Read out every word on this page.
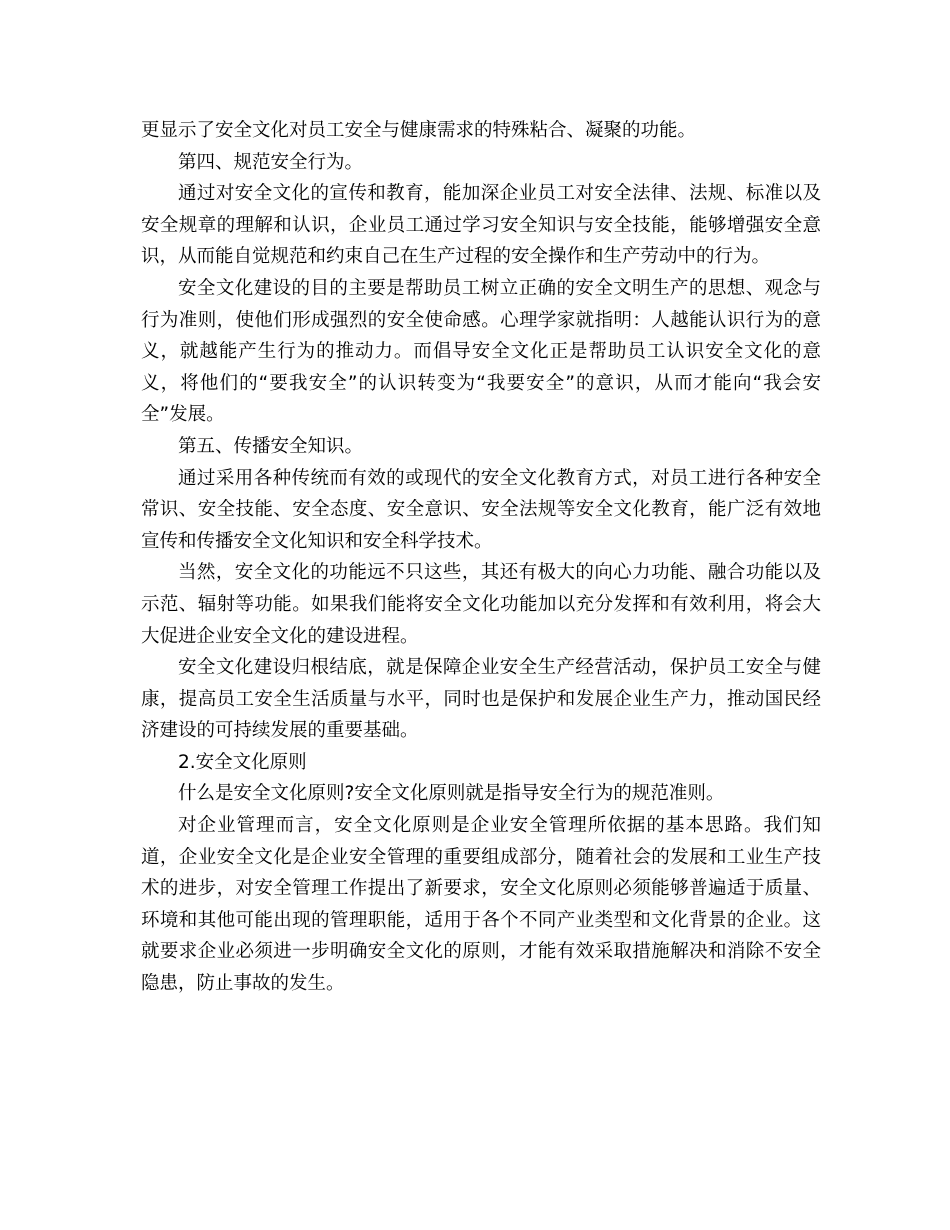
更显示了安全文化对员工安全与健康需求的特殊粘合、凝聚的功能。

第四、规范安全行为。

通过对安全文化的宣传和教育，能加深企业员工对安全法律、法规、标准以及安全规章的理解和认识，企业员工通过学习安全知识与安全技能，能够增强安全意识，从而能自觉规范和约束自己在生产过程的安全操作和生产劳动中的行为。

安全文化建设的目的主要是帮助员工树立正确的安全文明生产的思想、观念与行为准则，使他们形成强烈的安全使命感。心理学家就指明：人越能认识行为的意义，就越能产生行为的推动力。而倡导安全文化正是帮助员工认识安全文化的意义，将他们的“要我安全”的认识转变为“我要安全”的意识，从而才能向“我会安全”发展。

第五、传播安全知识。

通过采用各种传统而有效的或现代的安全文化教育方式，对员工进行各种安全常识、安全技能、安全态度、安全意识、安全法规等安全文化教育，能广泛有效地宣传和传播安全文化知识和安全科学技术。

当然，安全文化的功能远不只这些，其还有极大的向心力功能、融合功能以及示范、辐射等功能。如果我们能将安全文化功能加以充分发挥和有效利用，将会大大促进企业安全文化的建设进程。

安全文化建设归根结底，就是保障企业安全生产经营活动，保护员工安全与健康，提高员工安全生活质量与水平，同时也是保护和发展企业生产力，推动国民经济建设的可持续发展的重要基础。

2.安全文化原则

什么是安全文化原则?安全文化原则就是指导安全行为的规范准则。

对企业管理而言，安全文化原则是企业安全管理所依据的基本思路。我们知道，企业安全文化是企业安全管理的重要组成部分，随着社会的发展和工业生产技术的进步，对安全管理工作提出了新要求，安全文化原则必须能够普遍适于质量、环境和其他可能出现的管理职能，适用于各个不同产业类型和文化背景的企业。这就要求企业必须进一步明确安全文化的原则，才能有效采取措施解决和消除不安全隐患，防止事故的发生。
